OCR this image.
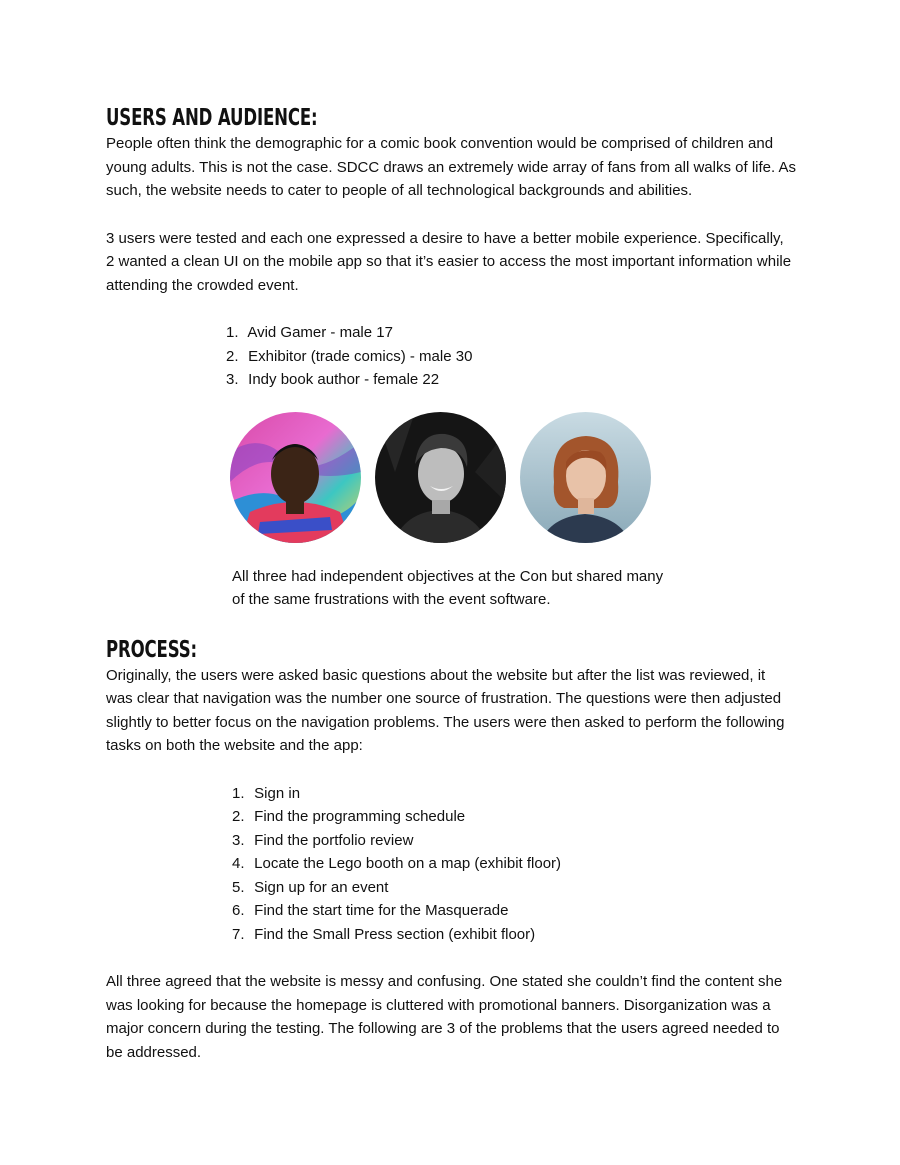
USERS AND AUDIENCE:

People often think the demographic for a comic book convention would be comprised of children and young adults. This is not the case. SDCC draws an extremely wide array of fans from all walks of life. As such, the website needs to cater to people of all technological backgrounds and abilities.

3 users were tested and each one expressed a desire to have a better mobile experience. Specifically, 2 wanted a clean UI on the mobile app so that it’s easier to access the most important information while attending the crowded event.

1. Avid Gamer - male 17
2. Exhibitor (trade comics) - male 30
3. Indy book author - female 22

All three had independent objectives at the Con but shared many of the same frustrations with the event software.

PROCESS:

Originally, the users were asked basic questions about the website but after the list was reviewed, it was clear that navigation was the number one source of frustration. The questions were then adjusted slightly to better focus on the navigation problems. The users were then asked to perform the following tasks on both the website and the app:

1. Sign in
2. Find the programming schedule
3. Find the portfolio review
4. Locate the Lego booth on a map (exhibit floor)
5. Sign up for an event
6. Find the start time for the Masquerade
7. Find the Small Press section (exhibit floor)

All three agreed that the website is messy and confusing. One stated she couldn’t find the content she was looking for because the homepage is cluttered with promotional banners. Disorganization was a major concern during the testing. The following are 3 of the problems that the users agreed needed to be addressed.
